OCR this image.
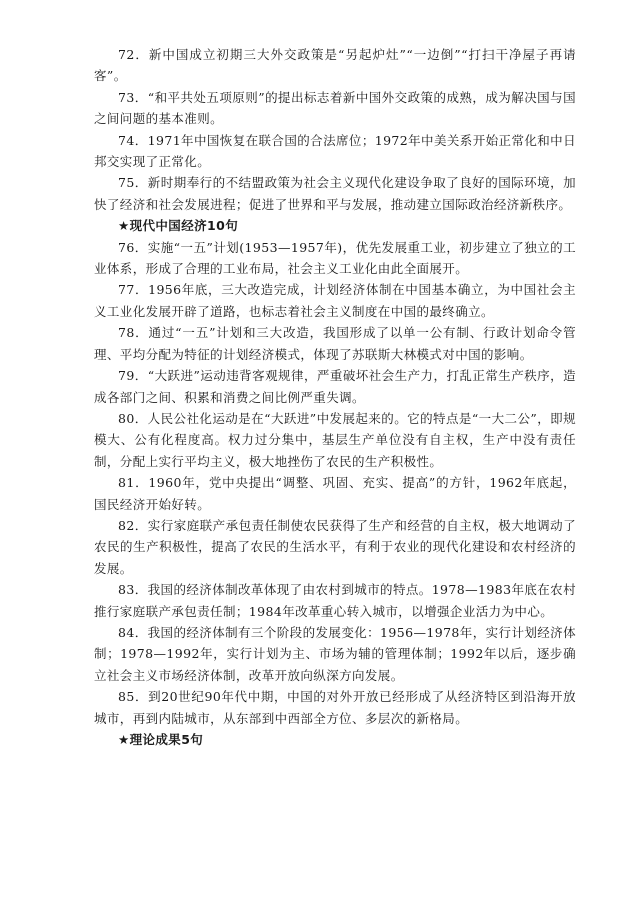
72．新中国成立初期三大外交政策是“另起炉灶”“一边倒”“打扫干净屋子再请客”。

73．“和平共处五项原则”的提出标志着新中国外交政策的成熟，成为解决国与国之间问题的基本准则。

74．1971年中国恢复在联合国的合法席位；1972年中美关系开始正常化和中日邦交实现了正常化。

75．新时期奉行的不结盟政策为社会主义现代化建设争取了良好的国际环境，加快了经济和社会发展进程；促进了世界和平与发展，推动建立国际政治经济新秩序。

★现代中国经济10句

76．实施“一五”计划(1953—1957年)，优先发展重工业，初步建立了独立的工业体系，形成了合理的工业布局，社会主义工业化由此全面展开。

77．1956年底，三大改造完成，计划经济体制在中国基本确立，为中国社会主义工业化发展开辟了道路，也标志着社会主义制度在中国的最终确立。

78．通过“一五”计划和三大改造，我国形成了以单一公有制、行政计划命令管理、平均分配为特征的计划经济模式，体现了苏联斯大林模式对中国的影响。

79．“大跃进”运动违背客观规律，严重破坏社会生产力，打乱正常生产秩序，造成各部门之间、积累和消费之间比例严重失调。

80．人民公社化运动是在“大跃进”中发展起来的。它的特点是“一大二公”，即规模大、公有化程度高。权力过分集中，基层生产单位没有自主权，生产中没有责任制，分配上实行平均主义，极大地挫伤了农民的生产积极性。

81．1960年，党中央提出“调整、巩固、充实、提高”的方针，1962年底起，国民经济开始好转。

82．实行家庭联产承包责任制使农民获得了生产和经营的自主权，极大地调动了农民的生产积极性，提高了农民的生活水平，有利于农业的现代化建设和农村经济的发展。

83．我国的经济体制改革体现了由农村到城市的特点。1978—1983年底在农村推行家庭联产承包责任制；1984年改革重心转入城市，以增强企业活力为中心。

84．我国的经济体制有三个阶段的发展变化：1956—1978年，实行计划经济体制；1978—1992年，实行计划为主、市场为辅的管理体制；1992年以后，逐步确立社会主义市场经济体制，改革开放向纵深方向发展。

85．到20世纪90年代中期，中国的对外开放已经形成了从经济特区到沿海开放城市，再到内陆城市，从东部到中西部全方位、多层次的新格局。

★理论成果5句
